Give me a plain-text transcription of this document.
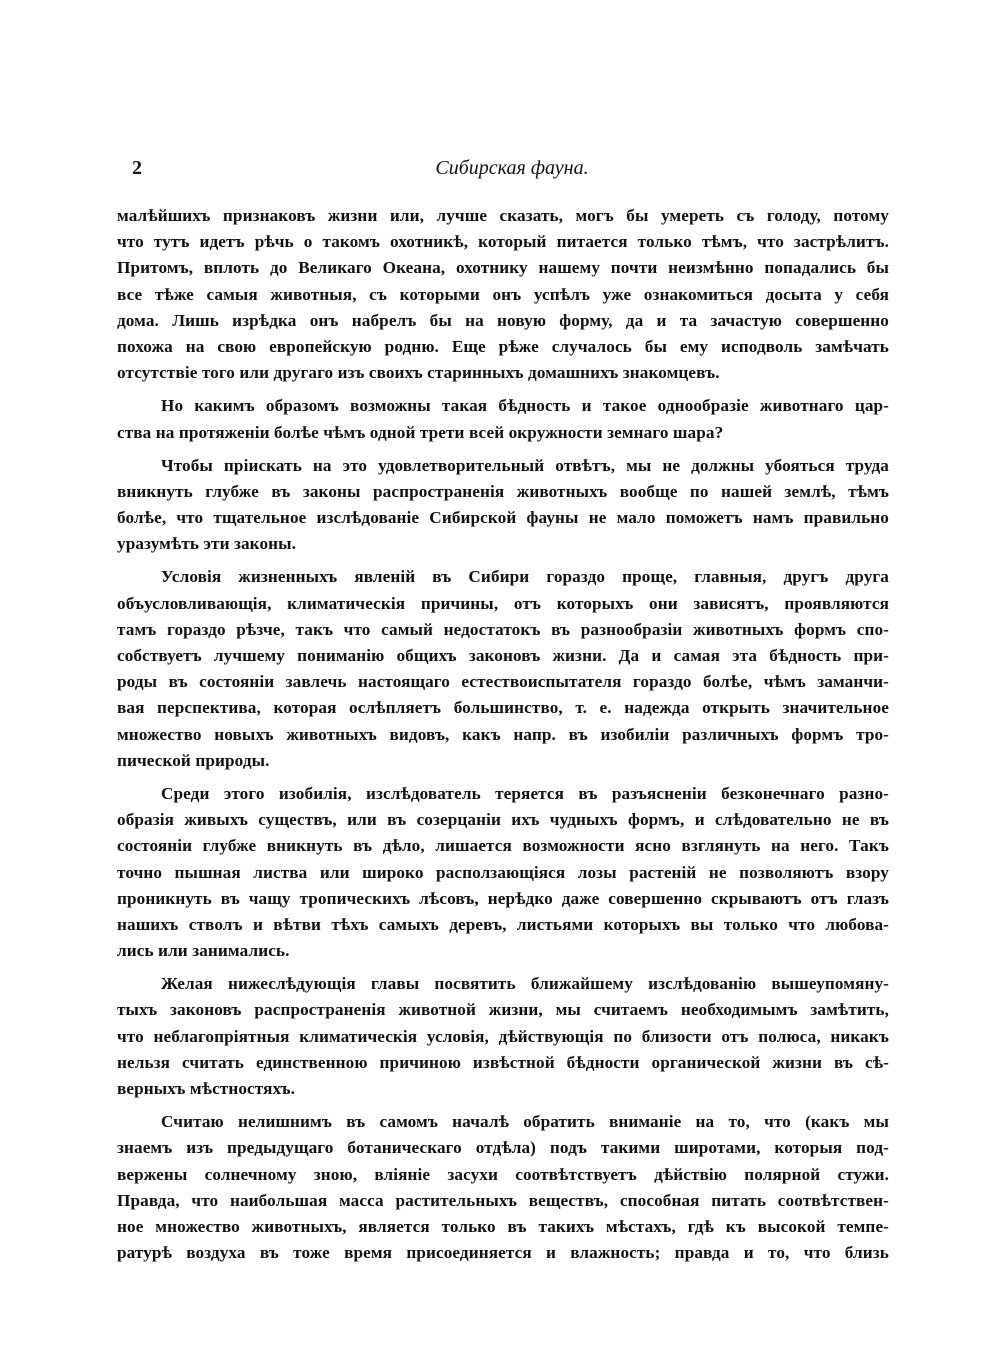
2	Сибирская фауна.
малѣйшихъ признаковъ жизни или, лучше сказать, могъ бы умереть съ голоду, потому
что тутъ идетъ рѣчь о такомъ охотникѣ, который питается только тѣмъ, что застрѣлитъ.
Притомъ, вплоть до Великаго Океана, охотнику нашему почти неизмѣнно попадались бы
все тѣже самыя животныя, съ которыми онъ успѣлъ уже ознакомиться досыта у себя
дома. Лишь изрѣдка онъ набрелъ бы на новую форму, да и та зачастую совершенно
похожа на свою европейскую родню. Еще рѣже случалось бы ему исподволь замѣчать
отсутствіе того или другаго изъ своихъ старинныхъ домашнихъ знакомцевъ.
Но какимъ образомъ возможны такая бѣдность и такое однообразіе животнаго цар-
ства на протяженіи болѣе чѣмъ одной трети всей окружности земнаго шара?
Чтобы пріискать на это удовлетворительный отвѣтъ, мы не должны убояться труда
вникнуть глубже въ законы распространенія животныхъ вообще по нашей землѣ, тѣмъ
болѣе, что тщательное изслѣдованіе Сибирской фауны не мало поможетъ намъ правильно
уразумѣть эти законы.
Условія жизненныхъ явленій въ Сибири гораздо проще, главныя, другъ друга
объусловливающія, климатическія причины, отъ которыхъ они зависятъ, проявляются
тамъ гораздо рѣзче, такъ что самый недостатокъ въ разнообразіи животныхъ формъ спо-
собствуетъ лучшему пониманію общихъ законовъ жизни. Да и самая эта бѣдность при-
роды въ состояніи завлечь настоящаго естествоиспытателя гораздо болѣе, чѣмъ заманчи-
вая перспектива, которая ослѣпляетъ большинство, т. е. надежда открыть значительное
множество новыхъ животныхъ видовъ, какъ напр. въ изобиліи различныхъ формъ тро-
пической природы.
Среди этого изобилія, изслѣдователь теряется въ разъясненіи безконечнаго разно-
образія живыхъ существъ, или въ созерцаніи ихъ чудныхъ формъ, и слѣдовательно не въ
состояніи глубже вникнуть въ дѣло, лишается возможности ясно взглянуть на него. Такъ
точно пышная листва или широко расползающіяся лозы растеній не позволяютъ взору
проникнуть въ чащу тропическихъ лѣсовъ, нерѣдко даже совершенно скрываютъ отъ глазъ
нашихъ стволъ и вѣтви тѣхъ самыхъ деревъ, листьями которыхъ вы только что любова-
лись или занимались.
Желая нижеслѣдующія главы посвятить ближайшему изслѣдованію вышеупомяну-
тыхъ законовъ распространенія животной жизни, мы считаемъ необходимымъ замѣтить,
что неблагопріятныя климатическія условія, дѣйствующія по близости отъ полюса, никакъ
нельзя считать единственною причиною извѣстной бѣдности органической жизни въ сѣ-
верныхъ мѣстностяхъ.
Считаю нелишнимъ въ самомъ началѣ обратить вниманіе на то, что (какъ мы
знаемъ изъ предыдущаго ботаническаго отдѣла) подъ такими широтами, которыя под-
вержены солнечному зною, вліяніе засухи соотвѣтствуетъ дѣйствію полярной стужи.
Правда, что наибольшая масса растительныхъ веществъ, способная питать соотвѣтствен-
ное множество животныхъ, является только въ такихъ мѣстахъ, гдѣ къ высокой темпе-
ратурѣ воздуха въ тоже время присоединяется и влажность; правда и то, что близь
